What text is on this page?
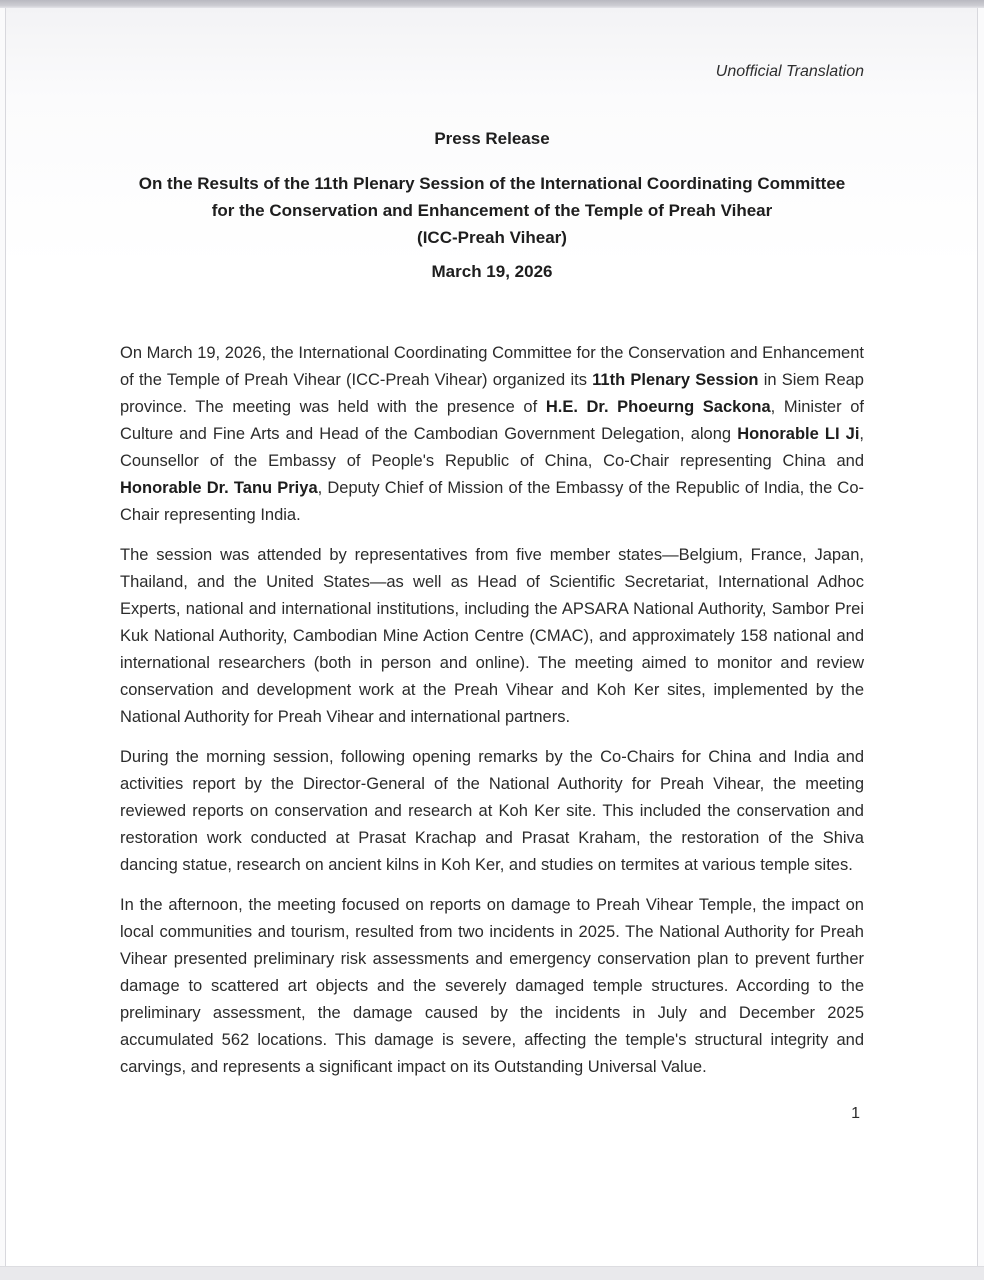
Unofficial Translation
Press Release
On the Results of the 11th Plenary Session of the International Coordinating Committee for the Conservation and Enhancement of the Temple of Preah Vihear
(ICC-Preah Vihear)
March 19, 2026

On March 19, 2026, the International Coordinating Committee for the Conservation and Enhancement of the Temple of Preah Vihear (ICC-Preah Vihear) organized its 11th Plenary Session in Siem Reap province. The meeting was held with the presence of H.E. Dr. Phoeurng Sackona, Minister of Culture and Fine Arts and Head of the Cambodian Government Delegation, along Honorable LI Ji, Counsellor of the Embassy of People's Republic of China, Co-Chair representing China and Honorable Dr. Tanu Priya, Deputy Chief of Mission of the Embassy of the Republic of India, the Co-Chair representing India.

The session was attended by representatives from five member states—Belgium, France, Japan, Thailand, and the United States—as well as Head of Scientific Secretariat, International Adhoc Experts, national and international institutions, including the APSARA National Authority, Sambor Prei Kuk National Authority, Cambodian Mine Action Centre (CMAC), and approximately 158 national and international researchers (both in person and online). The meeting aimed to monitor and review conservation and development work at the Preah Vihear and Koh Ker sites, implemented by the National Authority for Preah Vihear and international partners.

During the morning session, following opening remarks by the Co-Chairs for China and India and activities report by the Director-General of the National Authority for Preah Vihear, the meeting reviewed reports on conservation and research at Koh Ker site. This included the conservation and restoration work conducted at Prasat Krachap and Prasat Kraham, the restoration of the Shiva dancing statue, research on ancient kilns in Koh Ker, and studies on termites at various temple sites.

In the afternoon, the meeting focused on reports on damage to Preah Vihear Temple, the impact on local communities and tourism, resulted from two incidents in 2025. The National Authority for Preah Vihear presented preliminary risk assessments and emergency conservation plan to prevent further damage to scattered art objects and the severely damaged temple structures. According to the preliminary assessment, the damage caused by the incidents in July and December 2025 accumulated 562 locations. This damage is severe, affecting the temple's structural integrity and carvings, and represents a significant impact on its Outstanding Universal Value.

1
